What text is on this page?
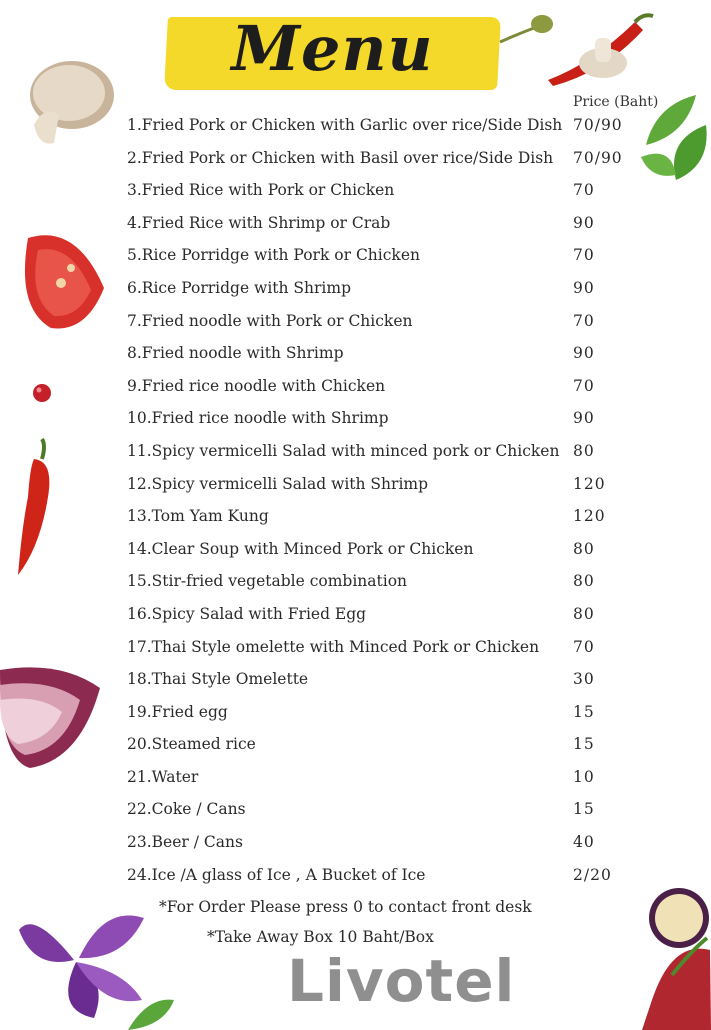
Menu
Price (Baht)
1.Fried Pork or Chicken with Garlic over rice/Side Dish 70/90
2.Fried Pork or Chicken with Basil over rice/Side Dish 70/90
3.Fried Rice with Pork or Chicken	70
4.Fried Rice with Shrimp or Crab	90
5.Rice Porridge with Pork or Chicken	70
6.Rice Porridge with Shrimp	90
7.Fried noodle with Pork or Chicken	70
8.Fried noodle with Shrimp	90
9.Fried rice noodle with Chicken	70
10.Fried rice noodle with Shrimp	90
11.Spicy vermicelli Salad with minced pork or Chicken 80
12.Spicy vermicelli Salad with Shrimp	120
13.Tom Yam Kung	120
14.Clear Soup with Minced Pork or Chicken	80
15.Stir-fried vegetable combination	80
16.Spicy Salad with Fried Egg	80
17.Thai Style omelette with Minced Pork or Chicken 70
18.Thai Style Omelette	30
19.Fried egg	15
20.Steamed rice	15
21.Water	10
22.Coke / Cans	15
23.Beer / Cans	40
24.Ice /A glass of Ice , A Bucket of Ice	2/20
*For Order Please press 0 to contact front desk
*Take Away Box 10 Baht/Box
Livotel
